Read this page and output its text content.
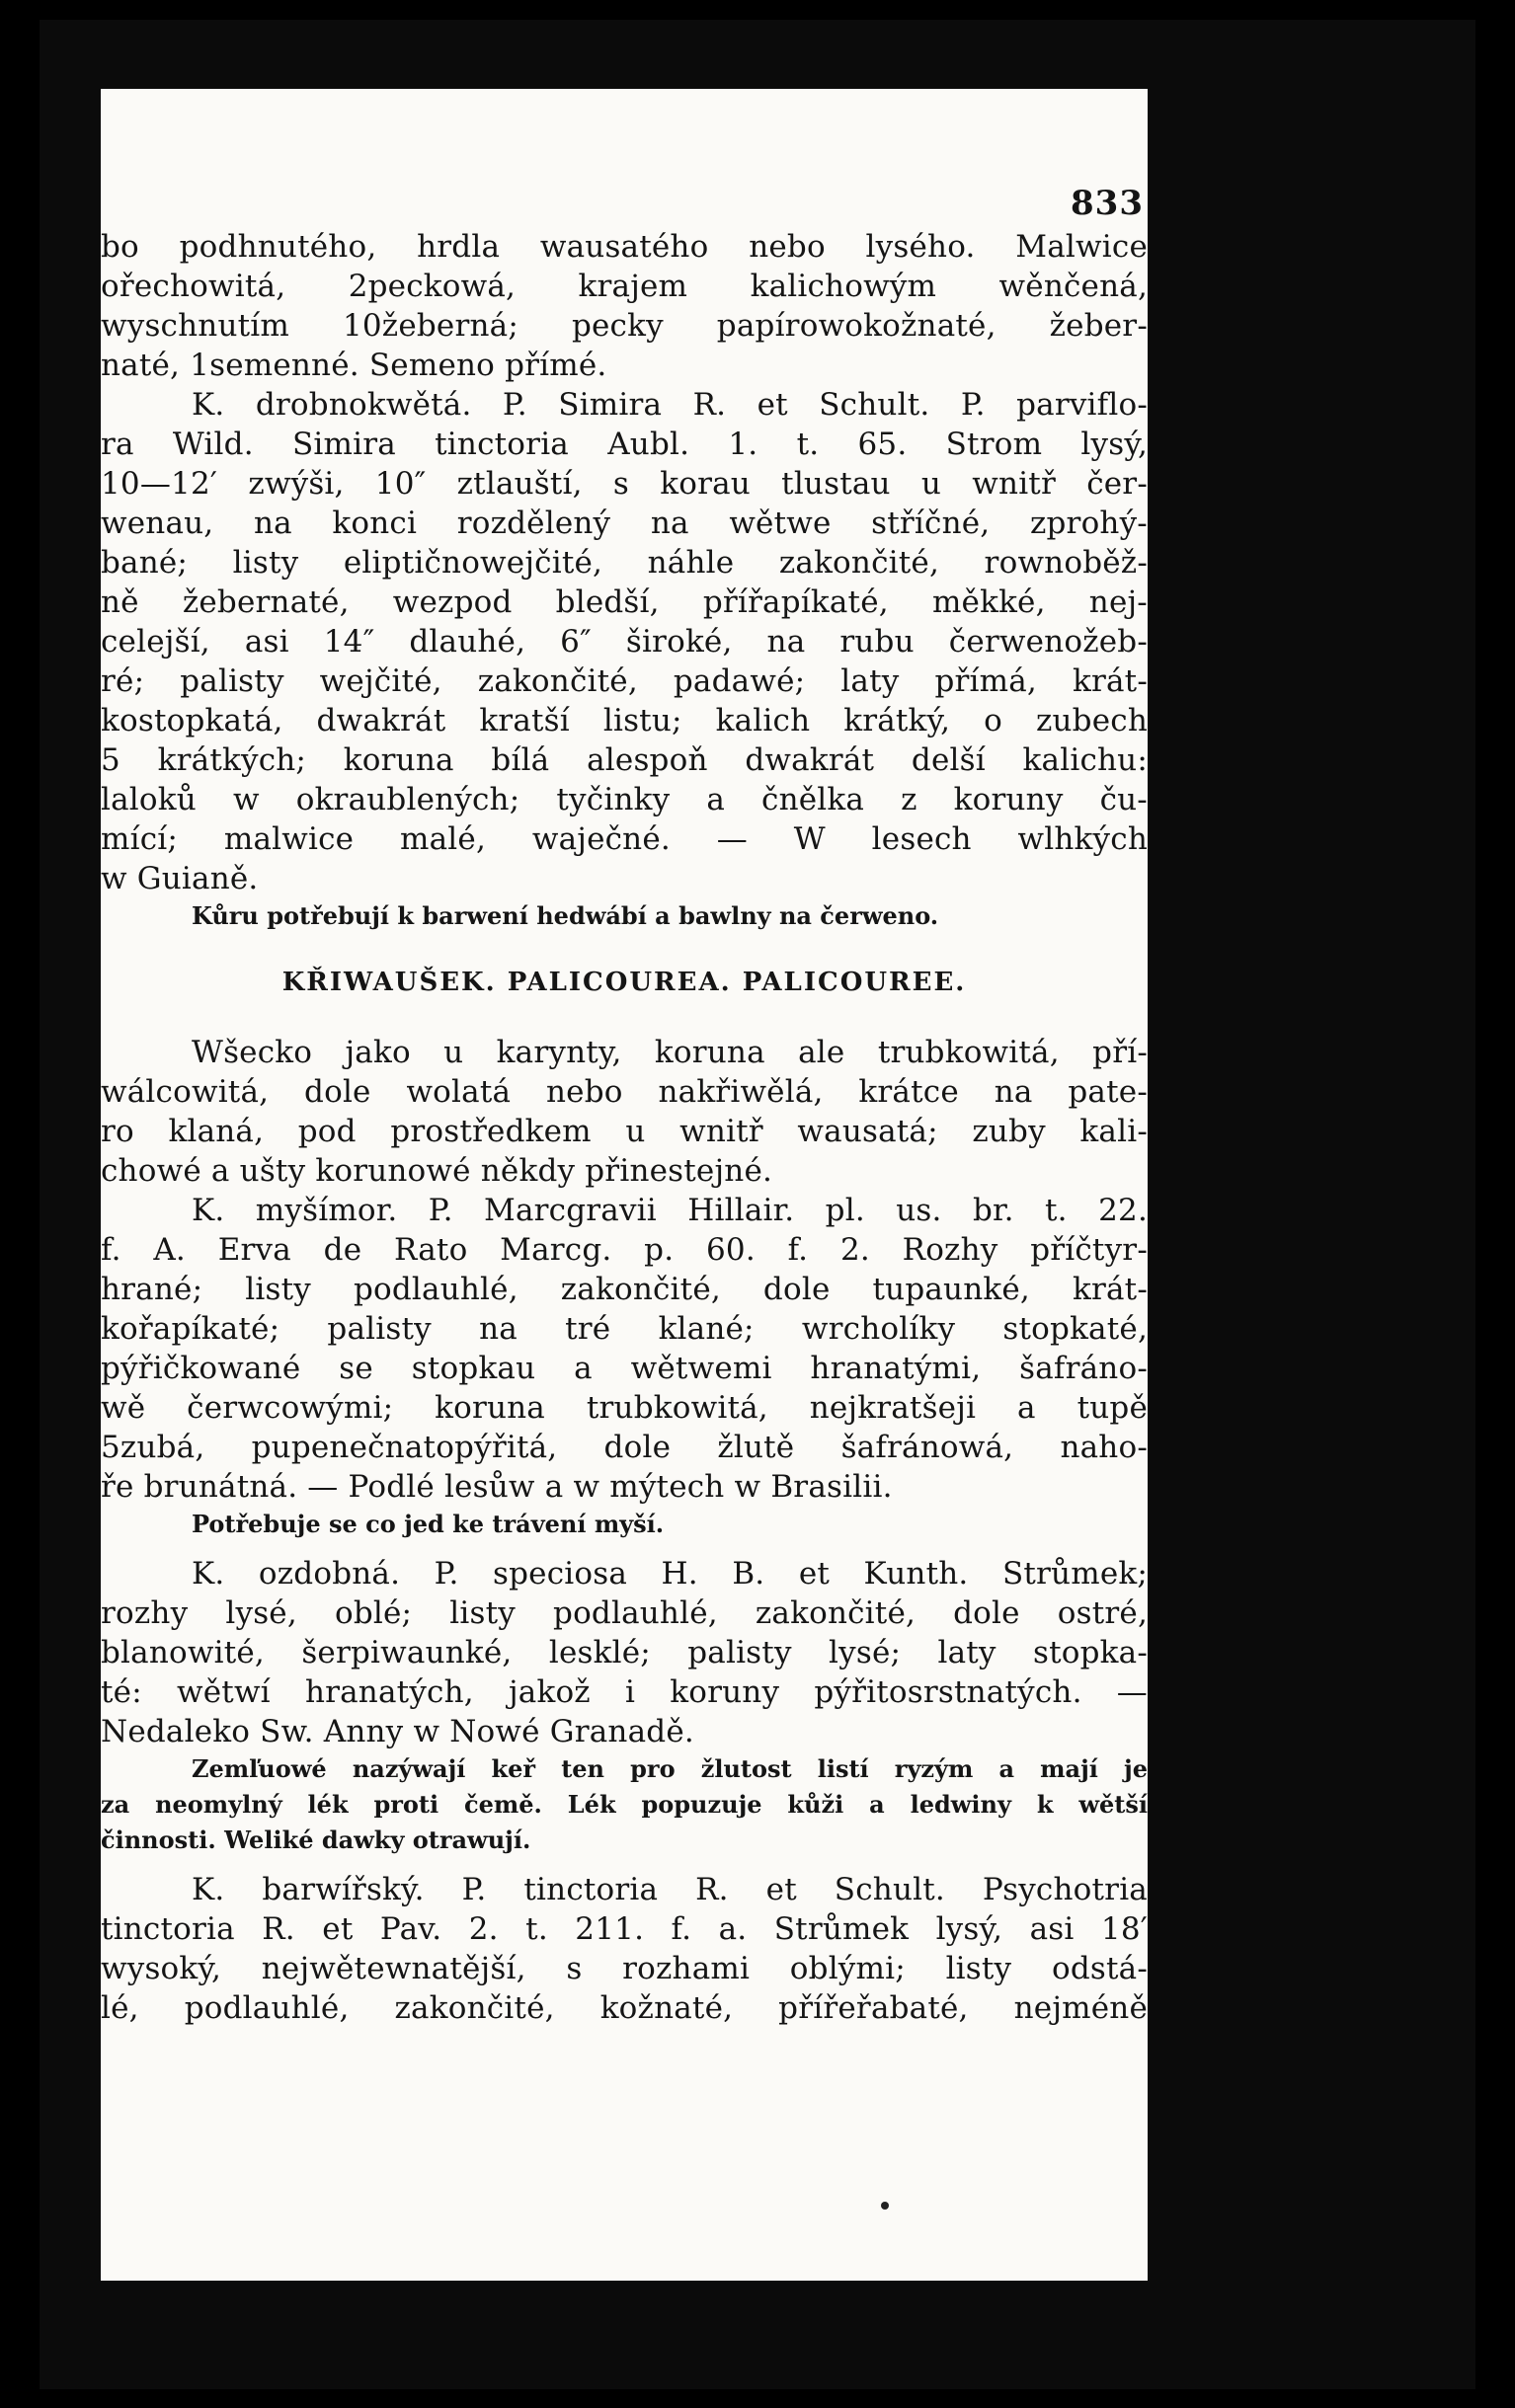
833
bo podhnutého, hrdla wausatého nebo lysého. Malwice
ořechowitá, 2peckowá, krajem kalichowým wěnčená,
wyschnutím 10žeberná; pecky papírowokožnaté, žeber-
naté, 1semenné. Semeno přímé.
K. drobnokwětá. P. Simira R. et Schult. P. parviflo-
ra Wild. Simira tinctoria Aubl. 1. t. 65. Strom lysý,
10—12′ zwýši, 10″ ztlauští, s korau tlustau u wnitř čer-
wenau, na konci rozdělený na wětwe stříčné, zprohý-
bané; listy eliptičnowejčité, náhle zakončité, rownoběž-
ně žebernaté, wezpod bledší, přířapíkaté, měkké, nej-
celejší, asi 14″ dlauhé, 6″ široké, na rubu čerwenožeb-
ré; palisty wejčité, zakončité, padawé; laty přímá, krát-
kostopkatá, dwakrát kratší listu; kalich krátký, o zubech
5 krátkých; koruna bílá alespoň dwakrát delší kalichu:
laloků w okraublených; tyčinky a čnělka z koruny ču-
mící; malwice malé, waječné. — W lesech wlhkých
w Guianě.
Kůru potřebují k barwení hedwábí a bawlny na čerweno.
KŘIWAUŠEK. PALICOUREA. PALICOUREE.
Wšecko jako u karynty, koruna ale trubkowitá, pří-
wálcowitá, dole wolatá nebo nakřiwělá, krátce na pate-
ro klaná, pod prostředkem u wnitř wausatá; zuby kali-
chowé a ušty korunowé někdy přinestejné.
K. myšímor. P. Marcgravii Hillair. pl. us. br. t. 22.
f. A. Erva de Rato Marcg. p. 60. f. 2. Rozhy příčtyr-
hrané; listy podlauhlé, zakončité, dole tupaunké, krát-
kořapíkaté; palisty na tré klané; wrcholíky stopkaté,
pýřičkowané se stopkau a wětwemi hranatými, šafráno-
wě čerwcowými; koruna trubkowitá, nejkratšeji a tupě
5zubá, pupenečnatopýřitá, dole žlutě šafránowá, naho-
ře brunátná. — Podlé lesůw a w mýtech w Brasilii.
Potřebuje se co jed ke trávení myší.
K. ozdobná. P. speciosa H. B. et Kunth. Strůmek;
rozhy lysé, oblé; listy podlauhlé, zakončité, dole ostré,
blanowité, šerpiwaunké, lesklé; palisty lysé; laty stopka-
té: wětwí hranatých, jakož i koruny pýřitosrstnatých. —
Nedaleko Sw. Anny w Nowé Granadě.
Zemľuowé nazýwají keř ten pro žlutost listí ryzým a mají je
za neomylný lék proti čemě. Lék popuzuje kůži a ledwiny k wětší
činnosti. Weliké dawky otrawují.
K. barwířský. P. tinctoria R. et Schult. Psychotria
tinctoria R. et Pav. 2. t. 211. f. a. Strůmek lysý, asi 18′
wysoký, nejwětewnatější, s rozhami oblými; listy odstá-
lé, podlauhlé, zakončité, kožnaté, přířeřabaté, nejméně
